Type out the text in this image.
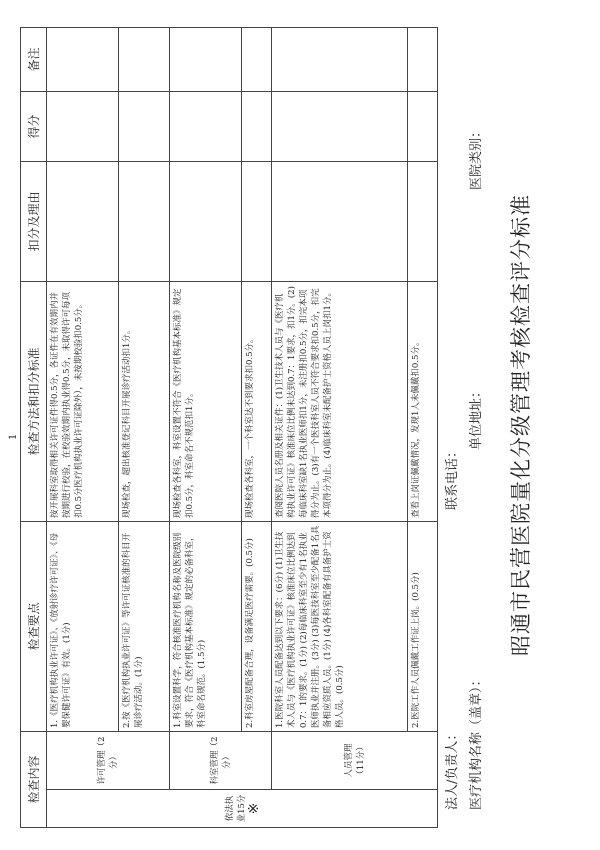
昭通市民营医院量化分级管理考核检查评分标准
医疗机构名称（盖章）：
单位地址：
医院类别：
法人/负责人：
联系电话：
检查内容		检查要点	检查方法和扣分标准	扣分及理由	得分	备注

依法执业15分 ※	许可管理（2分）	1.《医疗机构执业许可证》、《放射诊疗许可证》、《母婴保健许可证》有效。(1分)	按开展科室取得相关许可证件得0.5分，各证件在有效期内并按期进行校验，在校验效期内执业得0.5分，未取得许可每项扣0.5分医疗机构执业许可证除外），未按期校验扣0.5分。			
		2.按《医疗机构执业许可证》等许可证核准的科目开展诊疗活动。(1分)	现场检查，超出核准登记科目开展诊疗活动扣1分。			
	科室管理（2分）	1.科室设置科学，符合核准医疗机构名称及医院级别要求，符合《医疗机构基本标准》规定的必备科室，科室命名规范。(1.5分)	现场检查各科室，科室设置不符合《医疗机构基本标准》规定扣0.5分，科室命名不规范扣1分。			
		2.科室房屋配备合理，设备满足医疗需要。(0.5分)	现场检查各科室，一个科室达不到要求扣0.5分。			
	人员管理（11分）	1.医院科室人员配备达到以下要求：(6分) (1)卫生技术人员与《医疗机构执业许可证》核准床位比例达到0.7：1的要求。(1分) (2)每临床科室至少有1名执业医师执业并注册。(3分) (3)每医技科室至少配备1名具备相应资质人员。(1分) (4)各科室配备有具备护士资格人员。(0.5分)	查阅医院人员名册及相关证件：(1)卫生技术人员与《医疗机构执业许可证》核准床位比例未达到0.7：1要求，扣1分。(2)每临床科室缺1名执业医师扣1分，未注册扣0.5分，扣完本项得分为止。(3)有一个医技科室人员不符合要求扣0.5分，扣完本项得分为止。(4)临床科室未配备护士资格人员上岗扣1分。			
		2.医院工作人员佩戴工作证上岗。(0.5分)	查看上岗证佩戴情况，发现1人未佩戴扣0.5分。			
1
